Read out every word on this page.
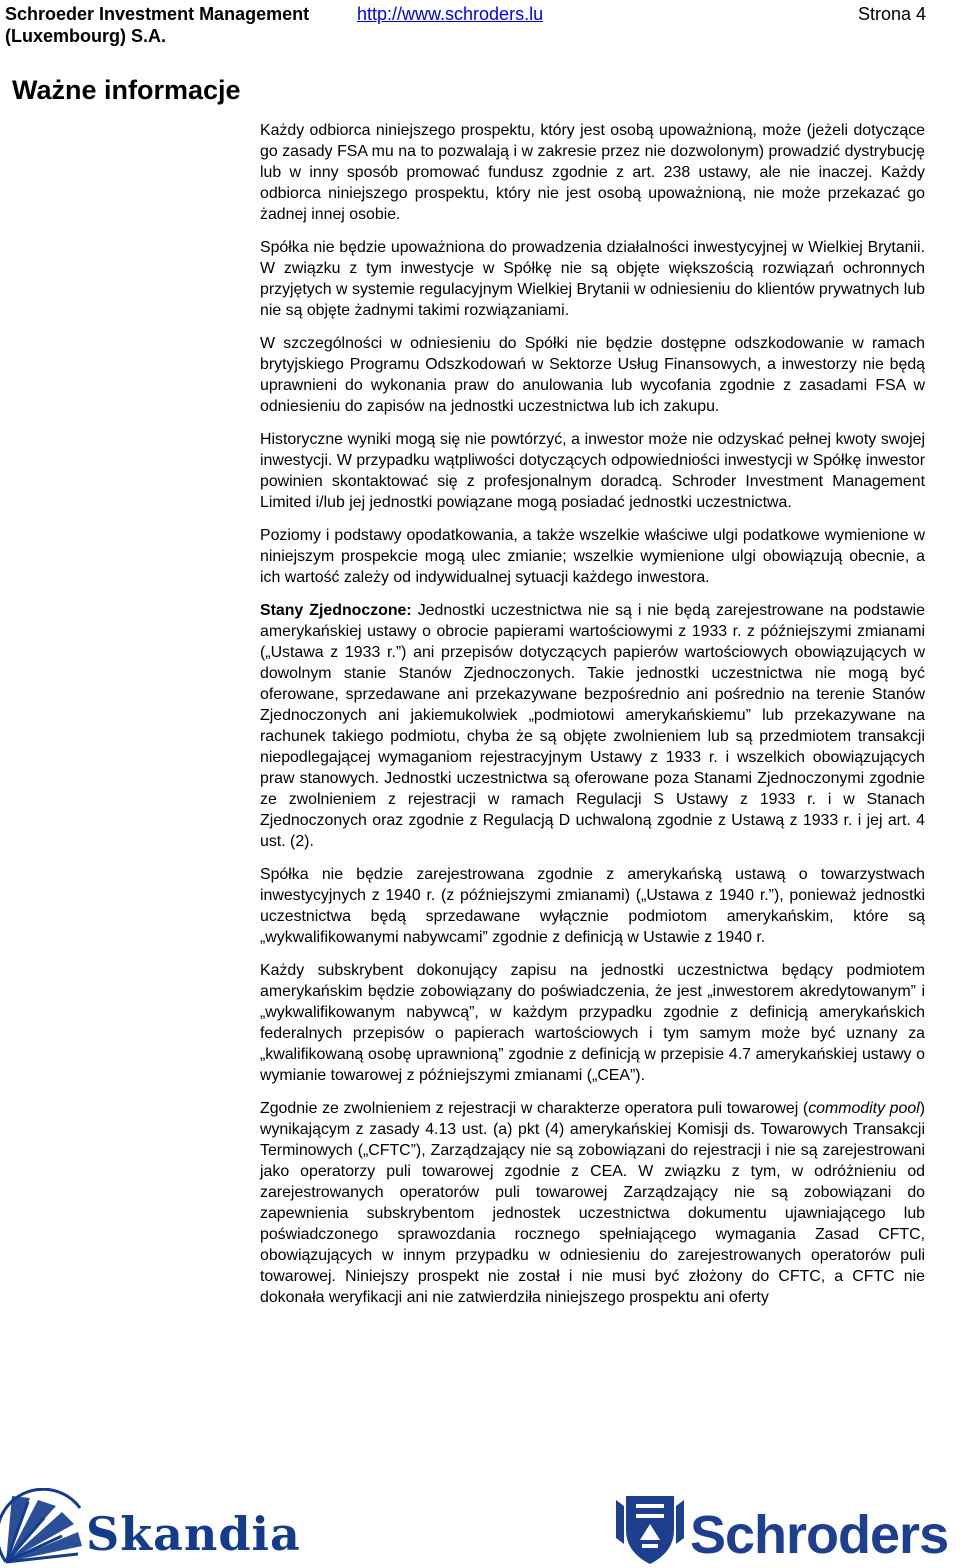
Schroeder Investment Management
(Luxembourg) S.A.
http://www.schroders.lu	Strona 4
Ważne informacje

Każdy odbiorca niniejszego prospektu, który jest osobą upoważnioną, może (jeżeli dotyczące go zasady FSA mu na to pozwalają i w zakresie przez nie dozwolonym) prowadzić dystrybucję lub w inny sposób promować fundusz zgodnie z art. 238 ustawy, ale nie inaczej. Każdy odbiorca niniejszego prospektu, który nie jest osobą upoważnioną, nie może przekazać go żadnej innej osobie.

Spółka nie będzie upoważniona do prowadzenia działalności inwestycyjnej w Wielkiej Brytanii. W związku z tym inwestycje w Spółkę nie są objęte większością rozwiązań ochronnych przyjętych w systemie regulacyjnym Wielkiej Brytanii w odniesieniu do klientów prywatnych lub nie są objęte żadnymi takimi rozwiązaniami.

W szczególności w odniesieniu do Spółki nie będzie dostępne odszkodowanie w ramach brytyjskiego Programu Odszkodowań w Sektorze Usług Finansowych, a inwestorzy nie będą uprawnieni do wykonania praw do anulowania lub wycofania zgodnie z zasadami FSA w odniesieniu do zapisów na jednostki uczestnictwa lub ich zakupu.

Historyczne wyniki mogą się nie powtórzyć, a inwestor może nie odzyskać pełnej kwoty swojej inwestycji. W przypadku wątpliwości dotyczących odpowiedniości inwestycji w Spółkę inwestor powinien skontaktować się z profesjonalnym doradcą. Schroder Investment Management Limited i/lub jej jednostki powiązane mogą posiadać jednostki uczestnictwa.

Poziomy i podstawy opodatkowania, a także wszelkie właściwe ulgi podatkowe wymienione w niniejszym prospekcie mogą ulec zmianie; wszelkie wymienione ulgi obowiązują obecnie, a ich wartość zależy od indywidualnej sytuacji każdego inwestora.

Stany Zjednoczone: Jednostki uczestnictwa nie są i nie będą zarejestrowane na podstawie amerykańskiej ustawy o obrocie papierami wartościowymi z 1933 r. z późniejszymi zmianami („Ustawa z 1933 r.”) ani przepisów dotyczących papierów wartościowych obowiązujących w dowolnym stanie Stanów Zjednoczonych. Takie jednostki uczestnictwa nie mogą być oferowane, sprzedawane ani przekazywane bezpośrednio ani pośrednio na terenie Stanów Zjednoczonych ani jakiemukolwiek „podmiotowi amerykańskiemu” lub przekazywane na rachunek takiego podmiotu, chyba że są objęte zwolnieniem lub są przedmiotem transakcji niepodlegającej wymaganiom rejestracyjnym Ustawy z 1933 r. i wszelkich obowiązujących praw stanowych. Jednostki uczestnictwa są oferowane poza Stanami Zjednoczonymi zgodnie ze zwolnieniem z rejestracji w ramach Regulacji S Ustawy z 1933 r. i w Stanach Zjednoczonych oraz zgodnie z Regulacją D uchwaloną zgodnie z Ustawą z 1933 r. i jej art. 4 ust. (2).

Spółka nie będzie zarejestrowana zgodnie z amerykańską ustawą o towarzystwach inwestycyjnych z 1940 r. (z późniejszymi zmianami) („Ustawa z 1940 r.”), ponieważ jednostki uczestnictwa będą sprzedawane wyłącznie podmiotom amerykańskim, które są „wykwalifikowanymi nabywcami” zgodnie z definicją w Ustawie z 1940 r.

Każdy subskrybent dokonujący zapisu na jednostki uczestnictwa będący podmiotem amerykańskim będzie zobowiązany do poświadczenia, że jest „inwestorem akredytowanym” i „wykwalifikowanym nabywcą”, w każdym przypadku zgodnie z definicją amerykańskich federalnych przepisów o papierach wartościowych i tym samym może być uznany za „kwalifikowaną osobę uprawnioną” zgodnie z definicją w przepisie 4.7 amerykańskiej ustawy o wymianie towarowej z późniejszymi zmianami („CEA”).

Zgodnie ze zwolnieniem z rejestracji w charakterze operatora puli towarowej (commodity pool) wynikającym z zasady 4.13 ust. (a) pkt (4) amerykańskiej Komisji ds. Towarowych Transakcji Terminowych („CFTC”), Zarządzający nie są zobowiązani do rejestracji i nie są zarejestrowani jako operatorzy puli towarowej zgodnie z CEA. W związku z tym, w odróżnieniu od zarejestrowanych operatorów puli towarowej Zarządzający nie są zobowiązani do zapewnienia subskrybentom jednostek uczestnictwa dokumentu ujawniającego lub poświadczonego sprawozdania rocznego spełniającego wymagania Zasad CFTC, obowiązujących w innym przypadku w odniesieniu do zarejestrowanych operatorów puli towarowej. Niniejszy prospekt nie został i nie musi być złożony do CFTC, a CFTC nie dokonała weryfikacji ani nie zatwierdziła niniejszego prospektu ani oferty

Skandia	Schroders
